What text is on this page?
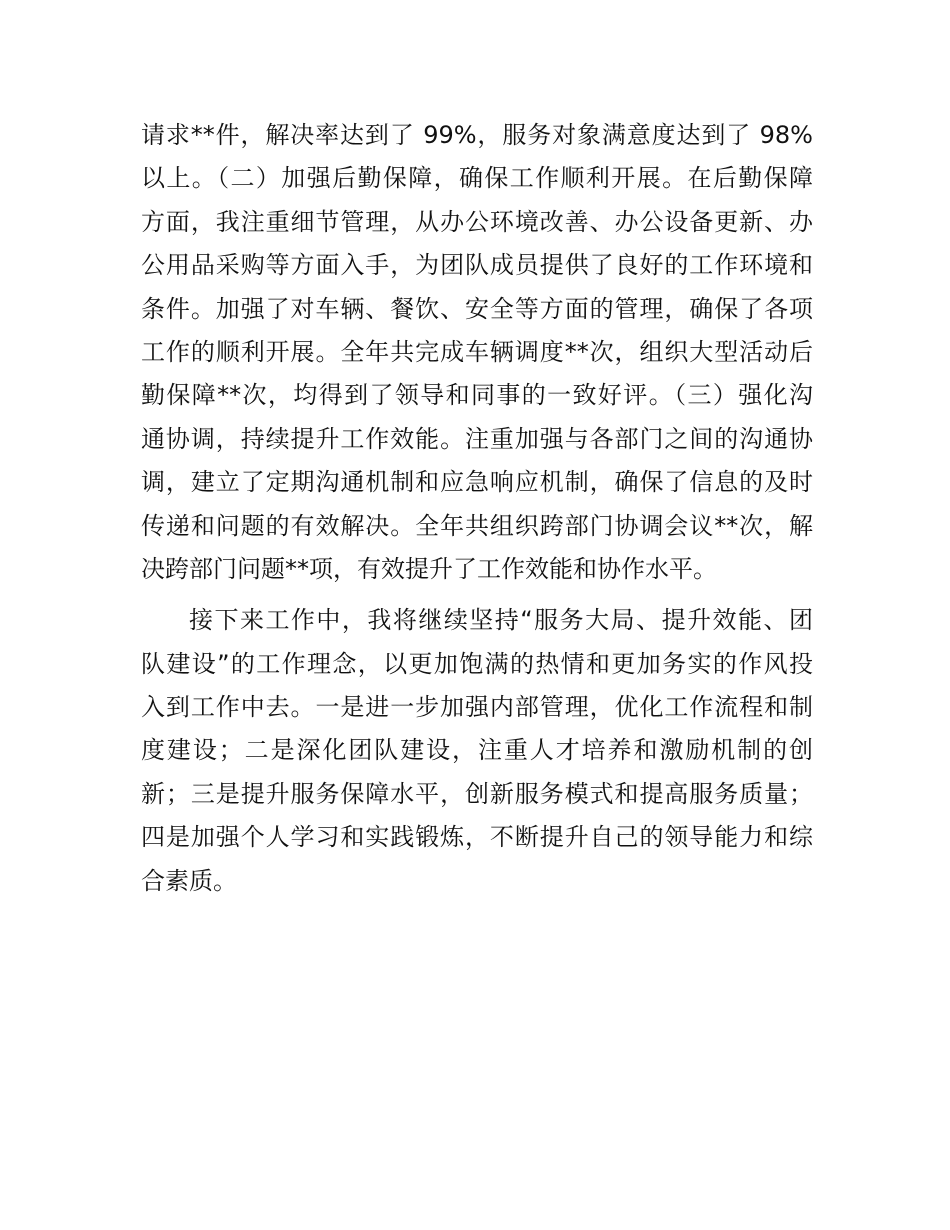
请求**件，解决率达到了 99%，服务对象满意度达到了 98%
以上。（二）加强后勤保障，确保工作顺利开展。在后勤保障
方面，我注重细节管理，从办公环境改善、办公设备更新、办
公用品采购等方面入手，为团队成员提供了良好的工作环境和
条件。加强了对车辆、餐饮、安全等方面的管理，确保了各项
工作的顺利开展。全年共完成车辆调度**次，组织大型活动后
勤保障**次，均得到了领导和同事的一致好评。（三）强化沟
通协调，持续提升工作效能。注重加强与各部门之间的沟通协
调，建立了定期沟通机制和应急响应机制，确保了信息的及时
传递和问题的有效解决。全年共组织跨部门协调会议**次，解
决跨部门问题**项，有效提升了工作效能和协作水平。
接下来工作中，我将继续坚持“服务大局、提升效能、团
队建设”的工作理念，以更加饱满的热情和更加务实的作风投
入到工作中去。一是进一步加强内部管理，优化工作流程和制
度建设；二是深化团队建设，注重人才培养和激励机制的创
新；三是提升服务保障水平，创新服务模式和提高服务质量；
四是加强个人学习和实践锻炼，不断提升自己的领导能力和综
合素质。
